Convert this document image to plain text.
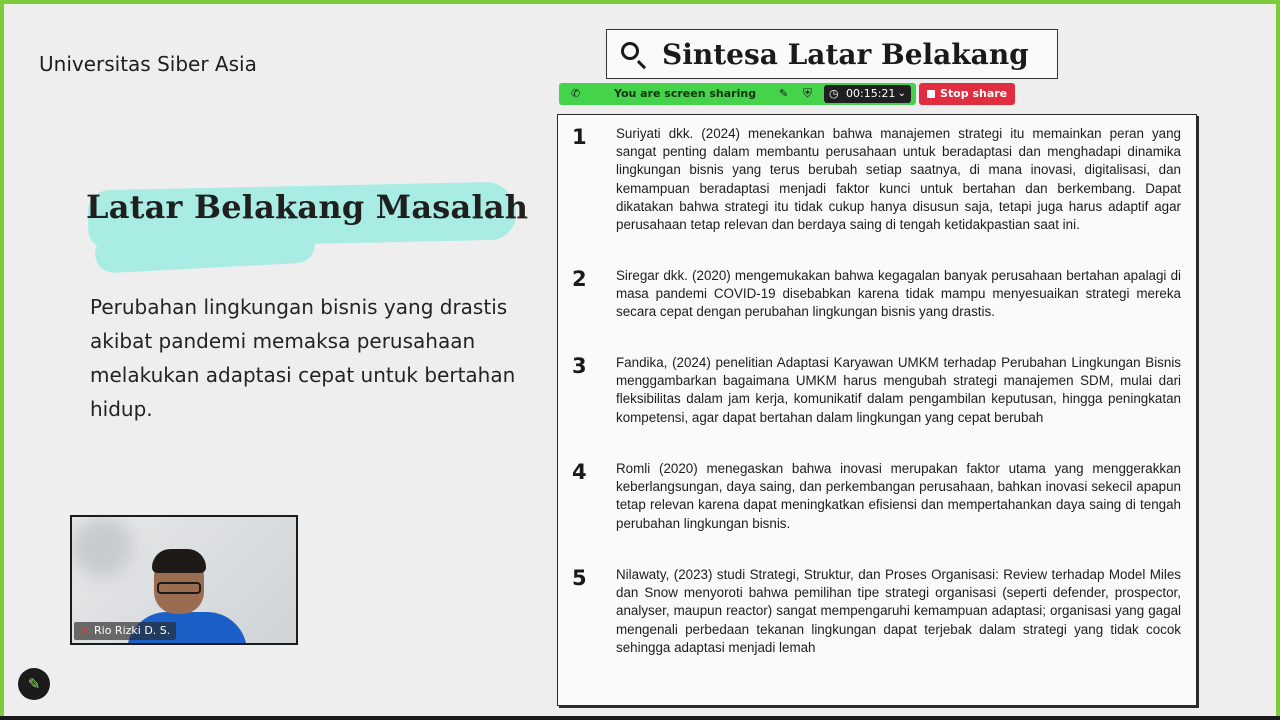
Universitas Siber Asia
Latar Belakang Masalah
Perubahan lingkungan bisnis yang drastis akibat pandemi memaksa perusahaan melakukan adaptasi cepat untuk bertahan hidup.
✕ Rio Rizki D. S.
✎
Sintesa Latar Belakang
✆	You are screen sharing ✎ ⛨ ◷ 00:15:21 ⌄	Stop share
1 Suriyati dkk. (2024) menekankan bahwa manajemen strategi itu memainkan peran yang sangat penting dalam membantu perusahaan untuk beradaptasi dan menghadapi dinamika lingkungan bisnis yang terus berubah setiap saatnya, di mana inovasi, digitalisasi, dan kemampuan beradaptasi menjadi faktor kunci untuk bertahan dan berkembang. Dapat dikatakan bahwa strategi itu tidak cukup hanya disusun saja, tetapi juga harus adaptif agar perusahaan tetap relevan dan berdaya saing di tengah ketidakpastian saat ini.
2 Siregar dkk. (2020) mengemukakan bahwa kegagalan banyak perusahaan bertahan apalagi di masa pandemi COVID-19 disebabkan karena tidak mampu menyesuaikan strategi mereka secara cepat dengan perubahan lingkungan bisnis yang drastis.
3 Fandika, (2024) penelitian Adaptasi Karyawan UMKM terhadap Perubahan Lingkungan Bisnis menggambarkan bagaimana UMKM harus mengubah strategi manajemen SDM, mulai dari fleksibilitas dalam jam kerja, komunikatif dalam pengambilan keputusan, hingga peningkatan kompetensi, agar dapat bertahan dalam lingkungan yang cepat berubah
4 Romli (2020) menegaskan bahwa inovasi merupakan faktor utama yang menggerakkan keberlangsungan, daya saing, dan perkembangan perusahaan, bahkan inovasi sekecil apapun tetap relevan karena dapat meningkatkan efisiensi dan mempertahankan daya saing di tengah perubahan lingkungan bisnis.
5 Nilawaty, (2023) studi Strategi, Struktur, dan Proses Organisasi: Review terhadap Model Miles dan Snow menyoroti bahwa pemilihan tipe strategi organisasi (seperti defender, prospector, analyser, maupun reactor) sangat mempengaruhi kemampuan adaptasi; organisasi yang gagal mengenali perbedaan tekanan lingkungan dapat terjebak dalam strategi yang tidak cocok sehingga adaptasi menjadi lemah
